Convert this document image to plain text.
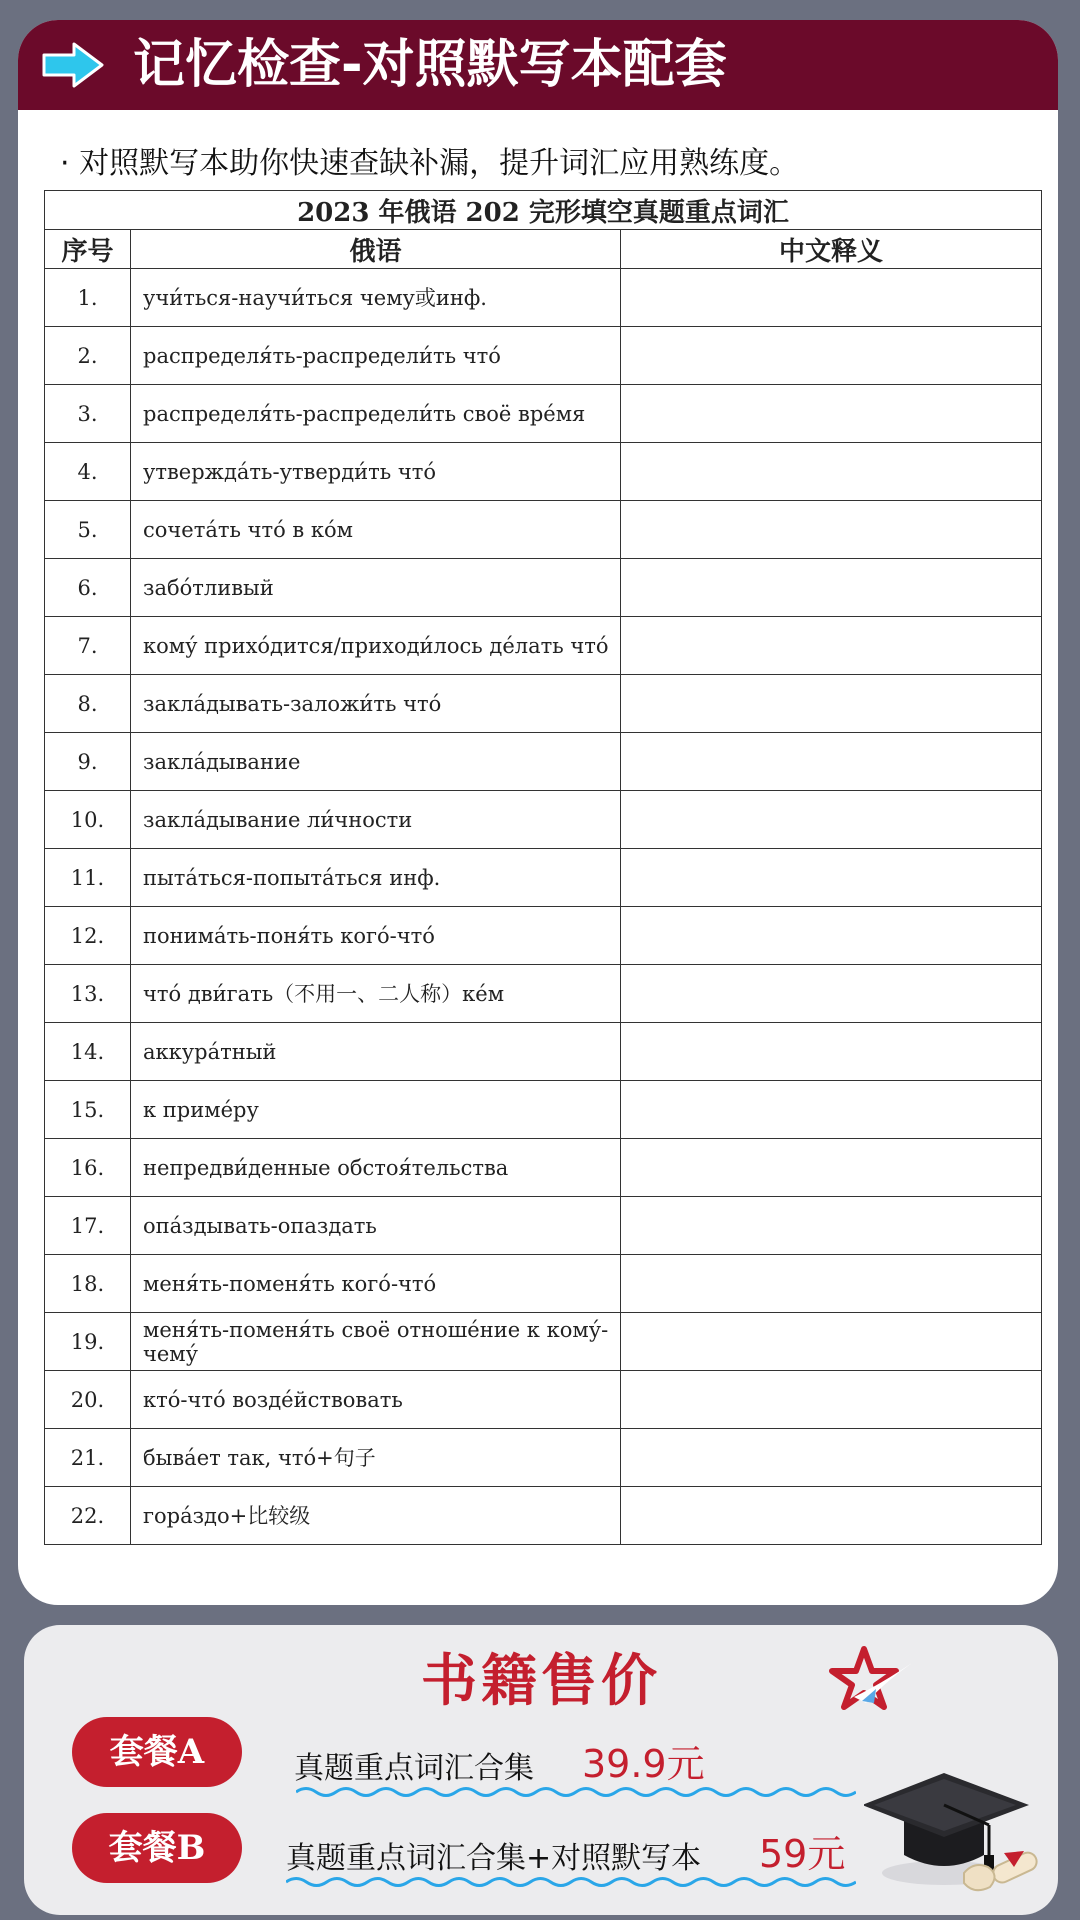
记忆检查-对照默写本配套
· 对照默写本助你快速查缺补漏，提升词汇应用熟练度。
2023 年俄语 202 完形填空真题重点词汇		
序号	俄语	中文释义
1.	учи́ться-научи́ться чему或инф.	
2.	распределя́ть-распредели́ть что́	
3.	распределя́ть-распредели́ть своё вре́мя	
4.	утвержда́ть-утверди́ть что́	
5.	сочета́ть что́ в ко́м	
6.	забо́тливый	
7.	кому́ прихо́дится/приходи́лось де́лать что́	
8.	закла́дывать-заложи́ть что́	
9.	закла́дывание	
10.	закла́дывание ли́чности	
11.	пыта́ться-попыта́ться инф.	
12.	понима́ть-поня́ть кого́-что́	
13.	что́ дви́гать（不用一、二人称）ке́м	
14.	аккура́тный	
15.	к приме́ру	
16.	непредви́денные обстоя́тельства	
17.	опа́здывать-опаздать	
18.	меня́ть-поменя́ть кого́-что́	
19.	меня́ть-поменя́ть своё отноше́ние к кому́-чему́	
20.	кто́-что́ возде́йствовать	
21.	быва́ет так, что́+句子	
22.	гора́здо+比较级	
书籍售价
套餐A	真题重点词汇合集 39.9元
套餐B	真题重点词汇合集+对照默写本 59元
